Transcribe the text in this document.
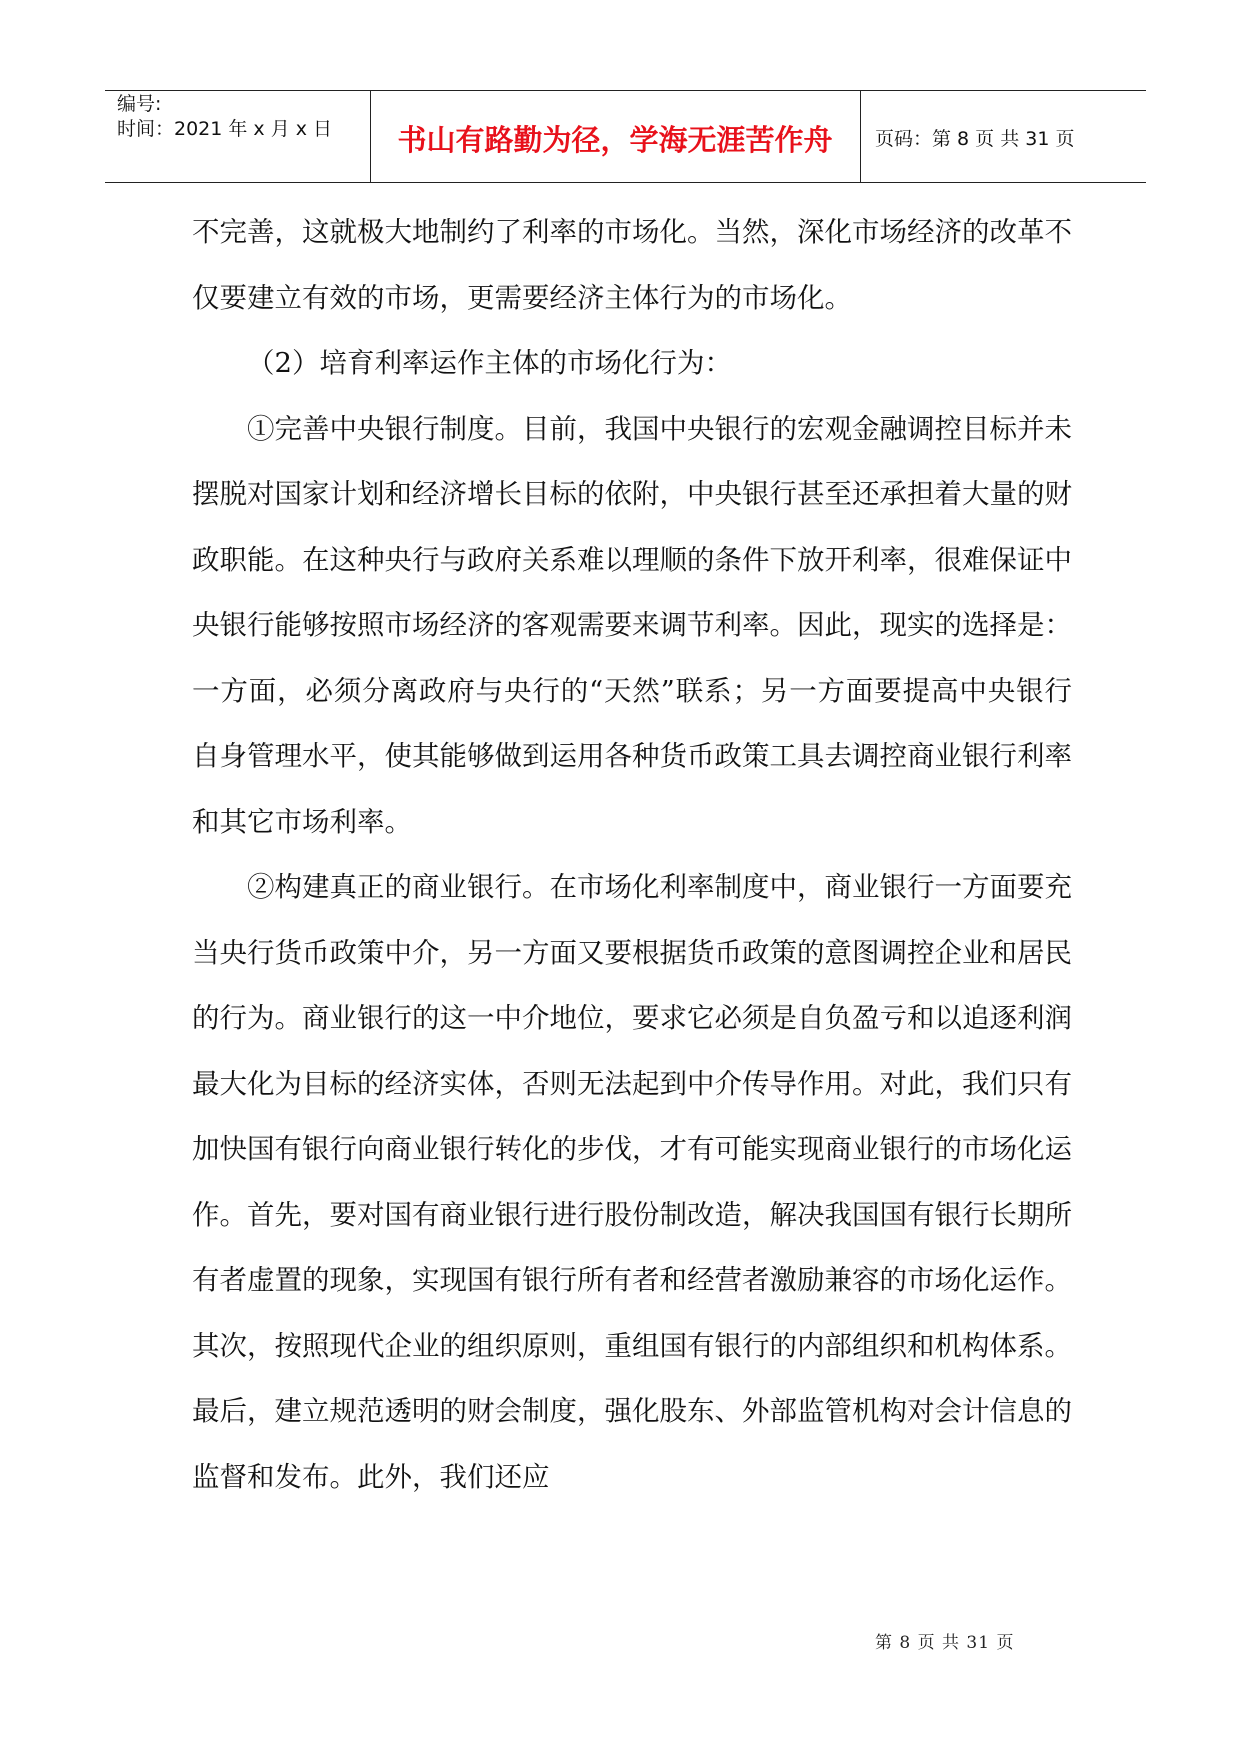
编号:
时间：2021 年 x 月 x 日	书山有路勤为径，学海无涯苦作舟	页码：第 8 页 共 31 页

不完善，这就极大地制约了利率的市场化。当然，深化市场经济的改革不仅要建立有效的市场，更需要经济主体行为的市场化。

（2）培育利率运作主体的市场化行为：

①完善中央银行制度。目前，我国中央银行的宏观金融调控目标并未摆脱对国家计划和经济增长目标的依附，中央银行甚至还承担着大量的财政职能。在这种央行与政府关系难以理顺的条件下放开利率，很难保证中央银行能够按照市场经济的客观需要来调节利率。因此，现实的选择是：一方面，必须分离政府与央行的“天然”联系；另一方面要提高中央银行自身管理水平，使其能够做到运用各种货币政策工具去调控商业银行利率和其它市场利率。

②构建真正的商业银行。在市场化利率制度中，商业银行一方面要充当央行货币政策中介，另一方面又要根据货币政策的意图调控企业和居民的行为。商业银行的这一中介地位，要求它必须是自负盈亏和以追逐利润最大化为目标的经济实体，否则无法起到中介传导作用。对此，我们只有加快国有银行向商业银行转化的步伐，才有可能实现商业银行的市场化运作。首先，要对国有商业银行进行股份制改造，解决我国国有银行长期所有者虚置的现象，实现国有银行所有者和经营者激励兼容的市场化运作。其次，按照现代企业的组织原则，重组国有银行的内部组织和机构体系。最后，建立规范透明的财会制度，强化股东、外部监管机构对会计信息的监督和发布。此外，我们还应

第 8 页 共 31 页
